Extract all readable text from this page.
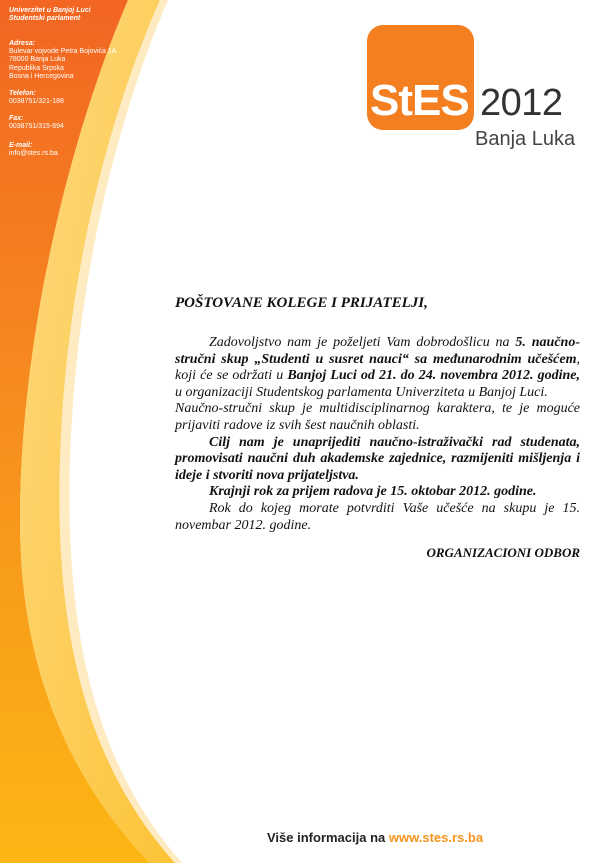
Univerzitet u Banjoj Luci
Studentski parlament
Adresa:
Bulevar vojvode Petra Bojovića 1A
78000 Banja Luka
Republika Srpska
Bosna i Hercegovina
Telefon:
0038751/321-188
Fax:
0038751/315-694
E-mail:
info@stes.rs.ba
StES 2012
Banja Luka
POŠTOVANE KOLEGE I PRIJATELJI,

Zadovoljstvo nam je poželjeti Vam dobrodošlicu na 5. naučno-stručni skup „Studenti u susret nauci“ sa međunarodnim učešćem, koji će se održati u Banjoj Luci od 21. do 24. novembra 2012. godine, u organizaciji Studentskog parlamenta Univerziteta u Banjoj Luci.

Naučno-stručni skup je multidisciplinarnog karaktera, te je moguće prijaviti radove iz svih šest naučnih oblasti.

Cilj nam je unaprijediti naučno-istraživački rad studenata, promovisati naučni duh akademske zajednice, razmijeniti mišljenja i ideje i stvoriti nova prijateljstva.

Krajnji rok za prijem radova je 15. oktobar 2012. godine.

Rok do kojeg morate potvrditi Vaše učešće na skupu je 15. novembar 2012. godine.

ORGANIZACIONI ODBOR
Više informacija na www.stes.rs.ba
